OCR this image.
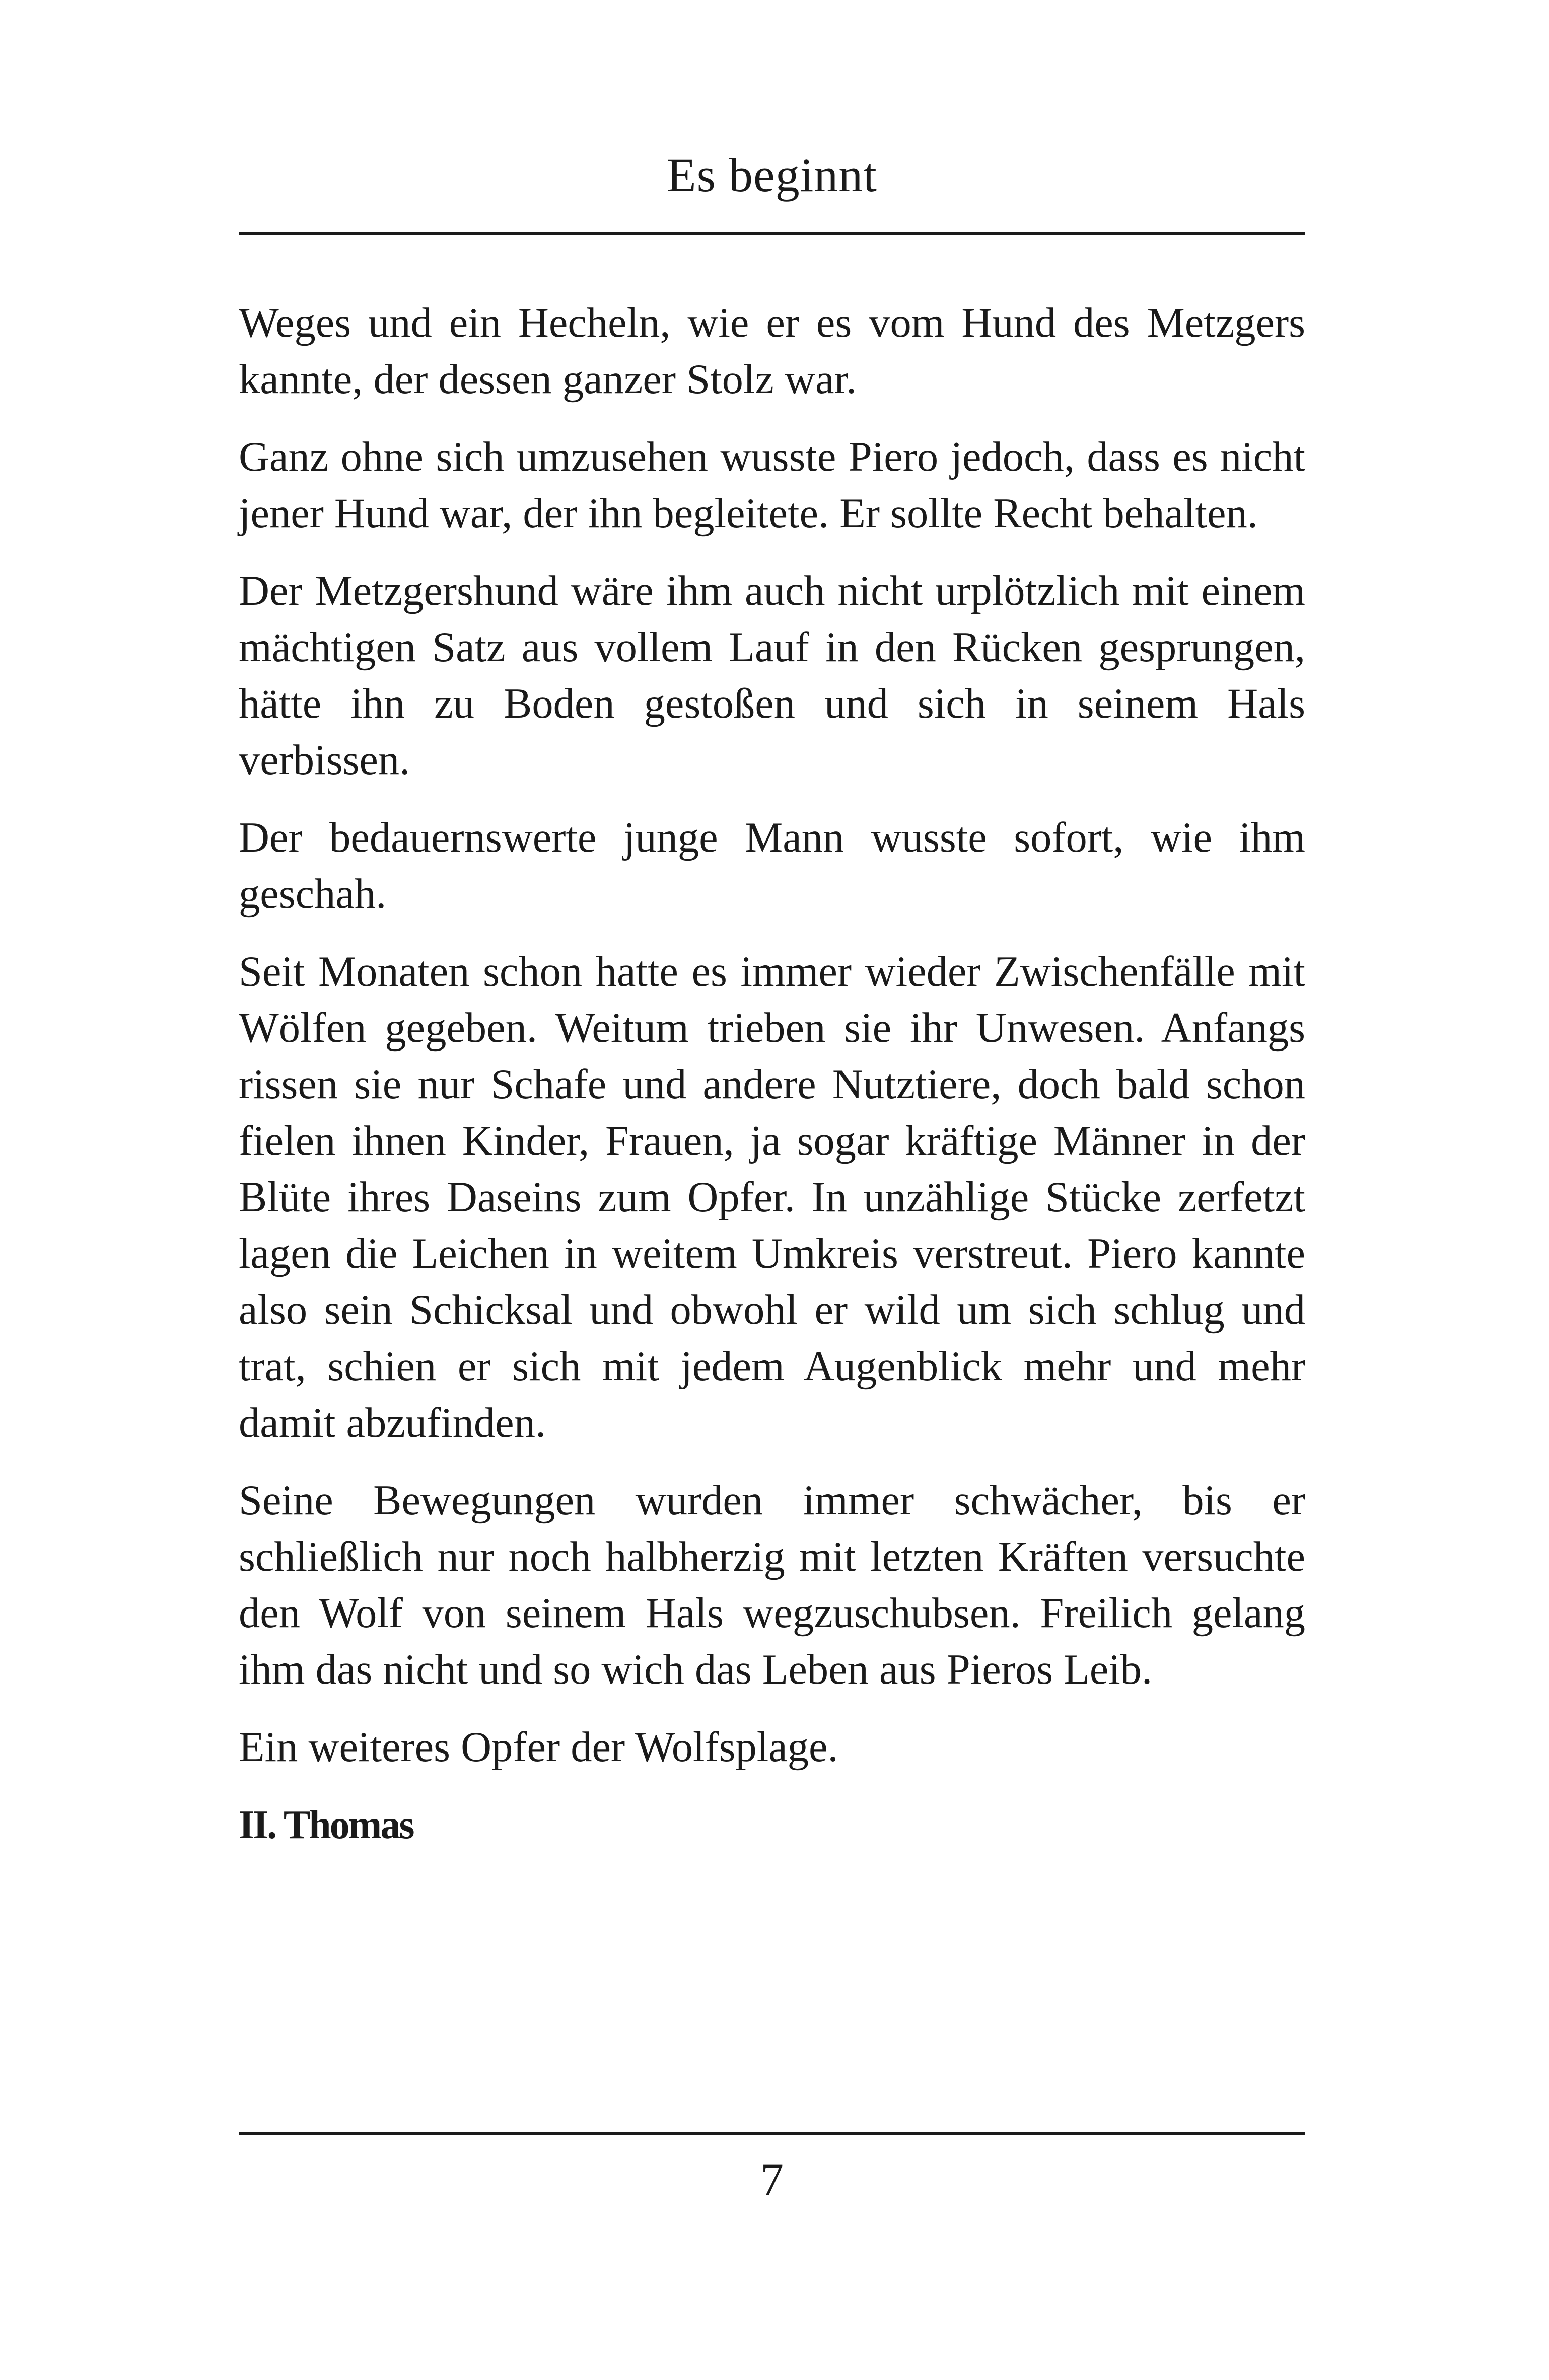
Es beginnt

Weges und ein Hecheln, wie er es vom Hund des Metzgers kannte, der dessen ganzer Stolz war.

Ganz ohne sich umzusehen wusste Piero jedoch, dass es nicht jener Hund war, der ihn begleitete. Er sollte Recht behalten.

Der Metzgershund wäre ihm auch nicht urplötzlich mit einem mächtigen Satz aus vollem Lauf in den Rücken gesprungen, hätte ihn zu Boden gestoßen und sich in seinem Hals verbissen.

Der bedauernswerte junge Mann wusste sofort, wie ihm geschah.

Seit Monaten schon hatte es immer wieder Zwischenfälle mit Wölfen gegeben. Weitum trieben sie ihr Unwesen. Anfangs rissen sie nur Schafe und andere Nutztiere, doch bald schon fielen ihnen Kinder, Frauen, ja sogar kräftige Männer in der Blüte ihres Daseins zum Opfer. In unzählige Stücke zerfetzt lagen die Leichen in weitem Umkreis verstreut. Piero kannte also sein Schicksal und obwohl er wild um sich schlug und trat, schien er sich mit jedem Augenblick mehr und mehr damit abzufinden.

Seine Bewegungen wurden immer schwächer, bis er schließlich nur noch halbherzig mit letzten Kräften versuchte den Wolf von seinem Hals wegzuschubsen. Freilich gelang ihm das nicht und so wich das Leben aus Pieros Leib.

Ein weiteres Opfer der Wolfsplage.

II. Thomas
7
